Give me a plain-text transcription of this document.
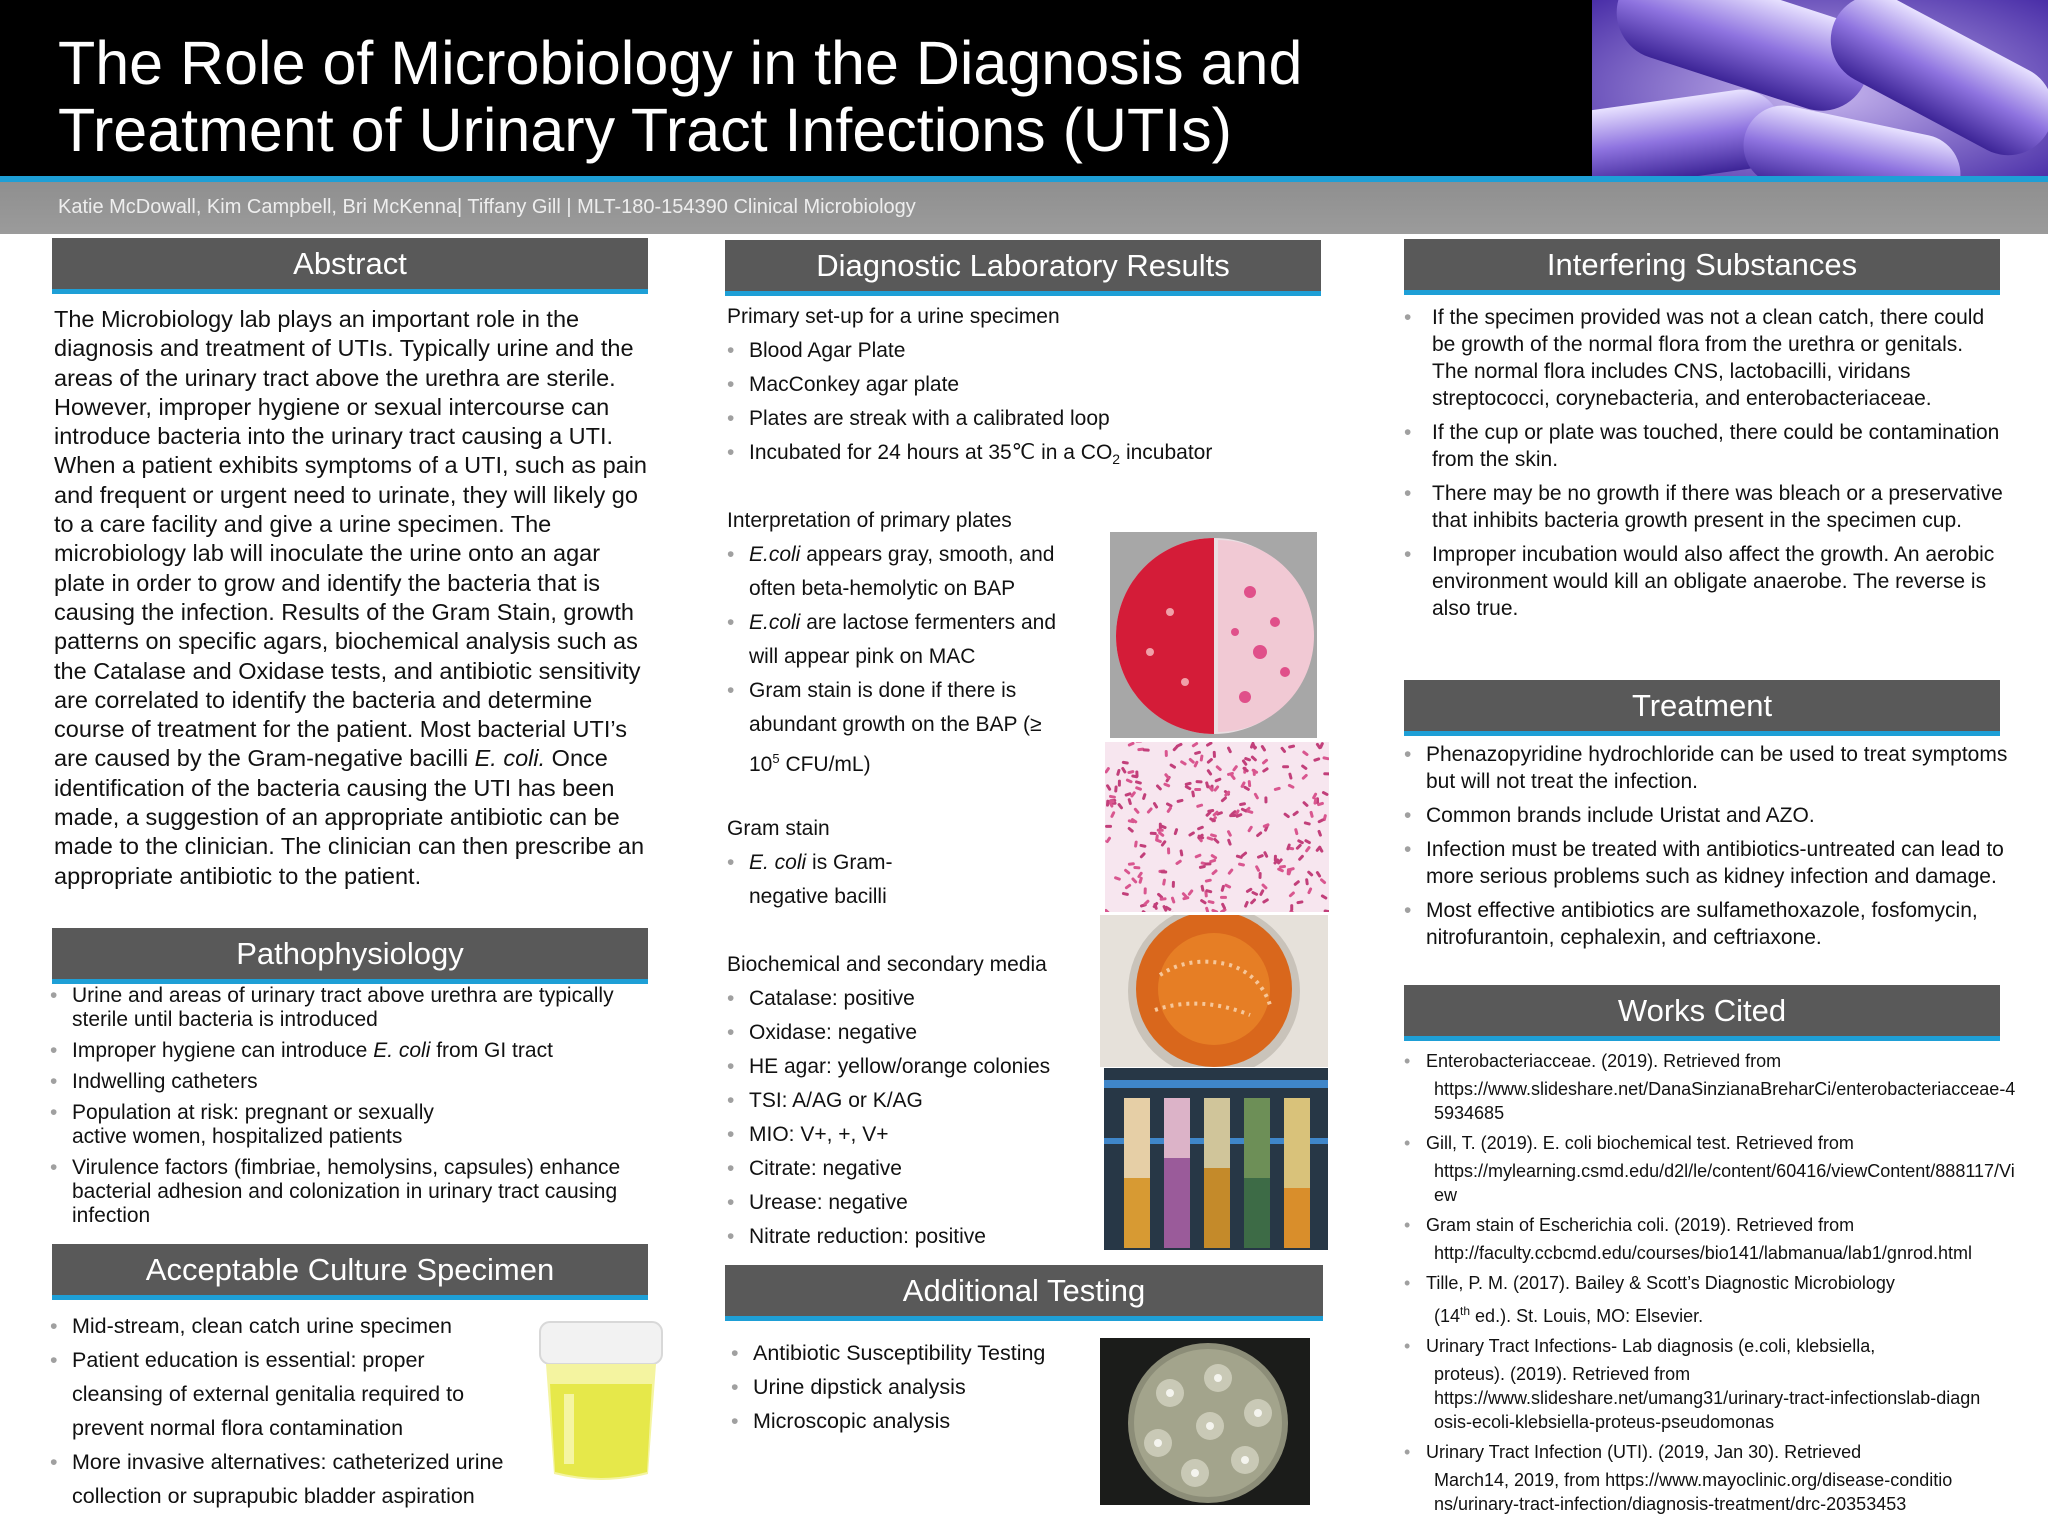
The Role of Microbiology in the Diagnosis and
Treatment of Urinary Tract Infections (UTIs)
Katie McDowall, Kim Campbell, Bri McKenna| Tiffany Gill | MLT-180-154390 Clinical Microbiology
Abstract
The Microbiology lab plays an important role in the diagnosis and treatment of UTIs. Typically urine and the areas of the urinary tract above the urethra are sterile. However, improper hygiene or sexual intercourse can introduce bacteria into the urinary tract causing a UTI. When a patient exhibits symptoms of a UTI, such as pain and frequent or urgent need to urinate, they will likely go to a care facility and give a urine specimen. The microbiology lab will inoculate the urine onto an agar plate in order to grow and identify the bacteria that is causing the infection. Results of the Gram Stain, growth patterns on specific agars, biochemical analysis such as the Catalase and Oxidase tests, and antibiotic sensitivity are correlated to identify the bacteria and determine course of treatment for the patient. Most bacterial UTI’s are caused by the Gram-negative bacilli E. coli. Once identification of the bacteria causing the UTI has been made, a suggestion of an appropriate antibiotic can be made to the clinician. The clinician can then prescribe an appropriate antibiotic to the patient.
Pathophysiology
• Urine and areas of urinary tract above urethra are typically sterile until bacteria is introduced
• Improper hygiene can introduce E. coli from GI tract
• Indwelling catheters
• Population at risk: pregnant or sexually active women, hospitalized patients
• Virulence factors (fimbriae, hemolysins, capsules) enhance bacterial adhesion and colonization in urinary tract causing infection
Acceptable Culture Specimen
• Mid-stream, clean catch urine specimen
• Patient education is essential: proper cleansing of external genitalia required to prevent normal flora contamination
• More invasive alternatives: catheterized urine collection or suprapubic bladder aspiration
Diagnostic Laboratory Results
Primary set-up for a urine specimen
• Blood Agar Plate
• MacConkey agar plate
• Plates are streak with a calibrated loop
• Incubated for 24 hours at 35℃ in a $CO_2$ incubator
Interpretation of primary plates
• E.coli appears gray, smooth, and often beta-hemolytic on BAP
• E.coli are lactose fermenters and will appear pink on MAC
• Gram stain is done if there is abundant growth on the BAP (≥ $10^5$ CFU/mL)
Gram stain
• E. coli is Gram-negative bacilli
Biochemical and secondary media
• Catalase: positive
• Oxidase: negative
• HE agar: yellow/orange colonies
• TSI: A/AG or K/AG
• MIO: V+, +, V+
• Citrate: negative
• Urease: negative
• Nitrate reduction: positive
Additional Testing
• Antibiotic Susceptibility Testing
• Urine dipstick analysis
• Microscopic analysis
Interfering Substances
• If the specimen provided was not a clean catch, there could be growth of the normal flora from the urethra or genitals. The normal flora includes CNS, lactobacilli, viridans streptococci, corynebacteria, and enterobacteriaceae.
• If the cup or plate was touched, there could be contamination from the skin.
• There may be no growth if there was bleach or a preservative that inhibits bacteria growth present in the specimen cup.
• Improper incubation would also affect the growth. An aerobic environment would kill an obligate anaerobe. The reverse is also true.
Treatment
• Phenazopyridine hydrochloride can be used to treat symptoms but will not treat the infection.
• Common brands include Uristat and AZO.
• Infection must be treated with antibiotics-untreated can lead to more serious problems such as kidney infection and damage.
• Most effective antibiotics are sulfamethoxazole, fosfomycin, nitrofurantoin, cephalexin, and ceftriaxone.
Works Cited
• Enterobacteriacceae. (2019). Retrieved from
https://www.slideshare.net/DanaSinzianaBreharCi/enterobacteriacceae-45934685
• Gill, T. (2019). E. coli biochemical test. Retrieved from
https://mylearning.csmd.edu/d2l/le/content/60416/viewContent/888117/View
• Gram stain of Escherichia coli. (2019). Retrieved from
http://faculty.ccbcmd.edu/courses/bio141/labmanua/lab1/gnrod.html
• Tille, P. M. (2017). Bailey & Scott’s Diagnostic Microbiology
(14th ed.). St. Louis, MO: Elsevier.
• Urinary Tract Infections- Lab diagnosis (e.coli, klebsiella,
proteus). (2019). Retrieved from
https://www.slideshare.net/umang31/urinary-tract-infectionslab-diagnosis-ecoli-klebsiella-proteus-pseudomonas
• Urinary Tract Infection (UTI). (2019, Jan 30). Retrieved
March14, 2019, from https://www.mayoclinic.org/disease-conditions/urinary-tract-infection/diagnosis-treatment/drc-20353453
